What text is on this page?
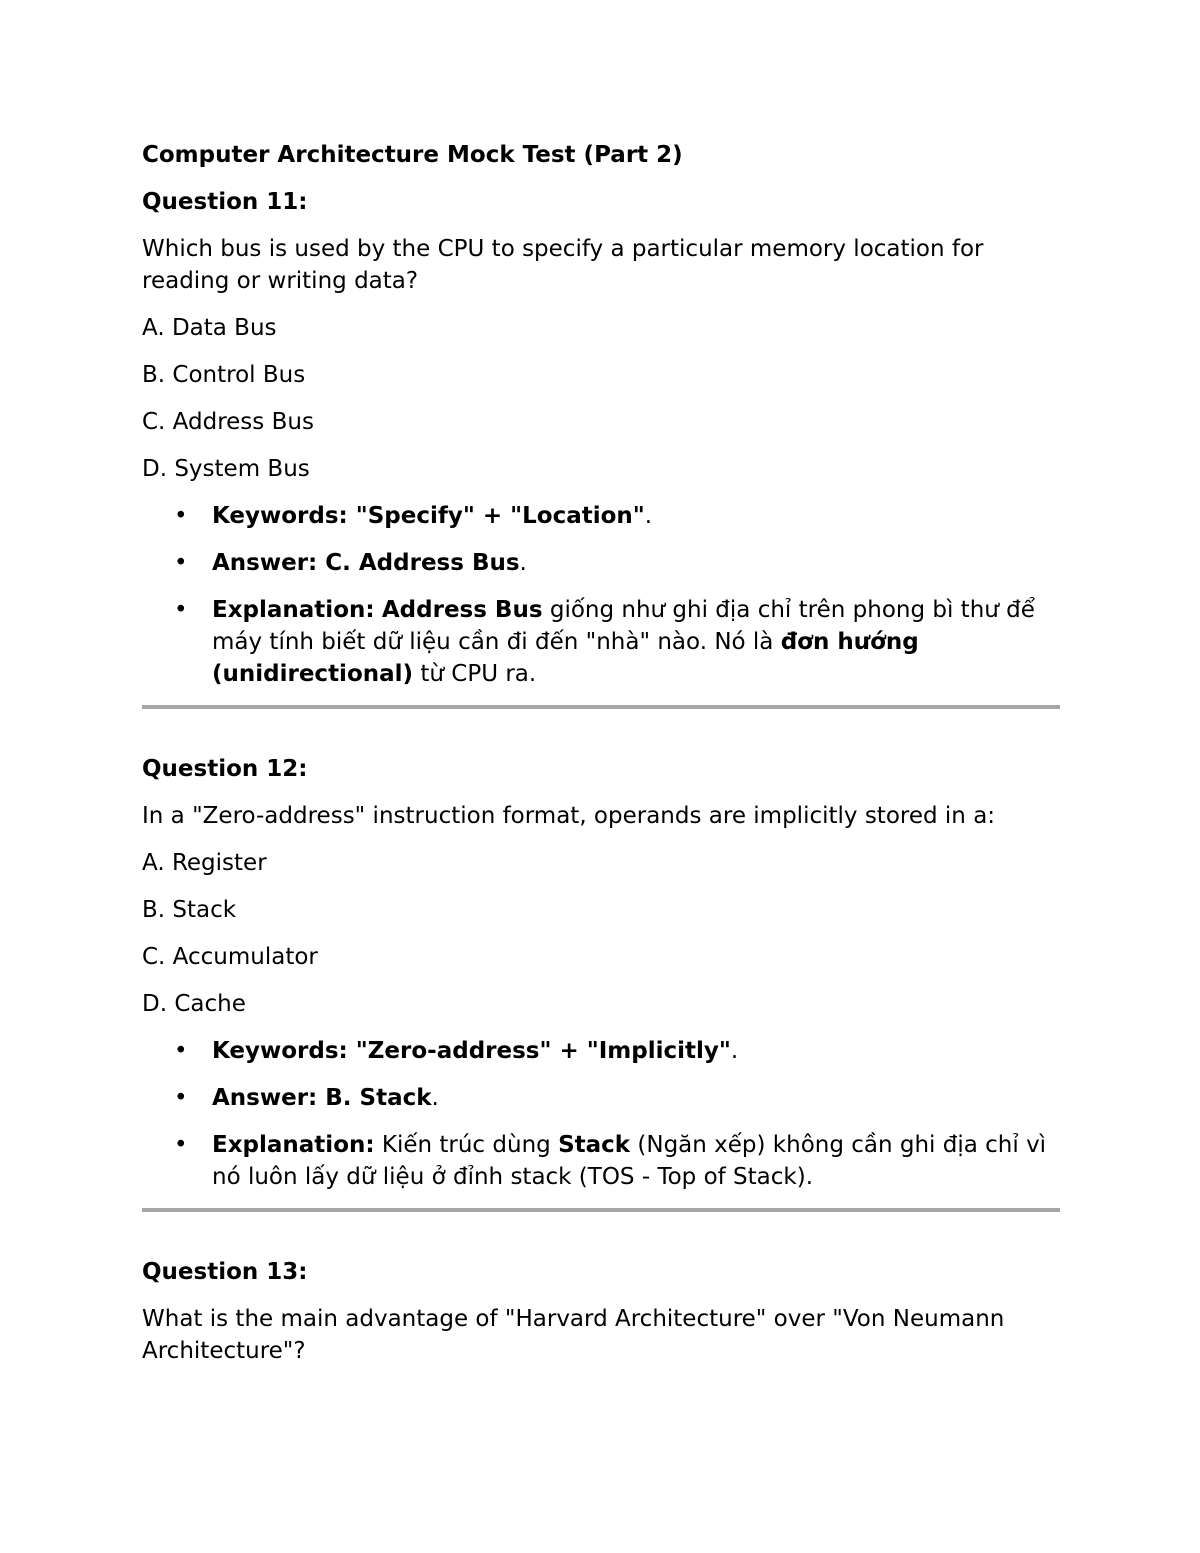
Computer Architecture Mock Test (Part 2)
Question 11:
Which bus is used by the CPU to specify a particular memory location for reading or writing data?
A. Data Bus
B. Control Bus
C. Address Bus
D. System Bus
• Keywords: "Specify" + "Location".
• Answer: C. Address Bus.
• Explanation: Address Bus giống như ghi địa chỉ trên phong bì thư để máy tính biết dữ liệu cần đi đến "nhà" nào. Nó là đơn hướng (unidirectional) từ CPU ra.
Question 12:
In a "Zero-address" instruction format, operands are implicitly stored in a:
A. Register
B. Stack
C. Accumulator
D. Cache
• Keywords: "Zero-address" + "Implicitly".
• Answer: B. Stack.
• Explanation: Kiến trúc dùng Stack (Ngăn xếp) không cần ghi địa chỉ vì nó luôn lấy dữ liệu ở đỉnh stack (TOS - Top of Stack).
Question 13:
What is the main advantage of "Harvard Architecture" over "Von Neumann Architecture"?
